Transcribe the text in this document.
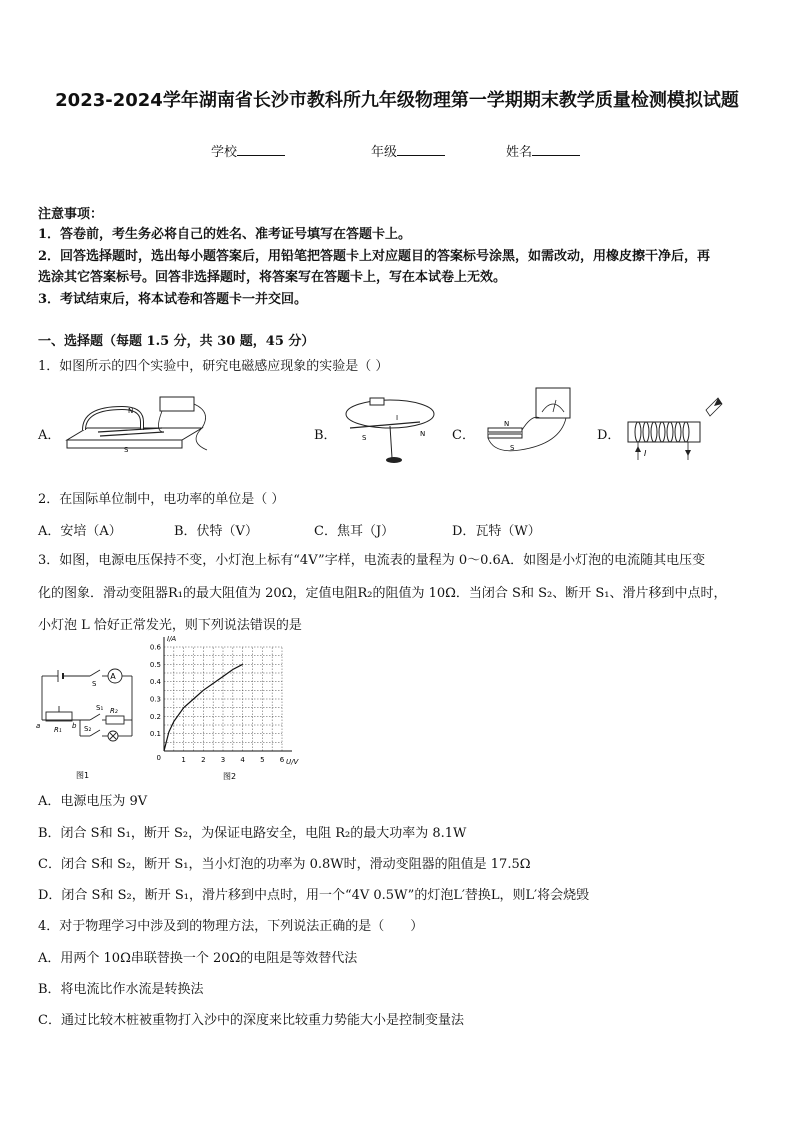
2023-2024学年湖南省长沙市教科所九年级物理第一学期期末教学质量检测模拟试题
学校	年级	姓名
注意事项：
1．答卷前，考生务必将自己的姓名、准考证号填写在答题卡上。
2．回答选择题时，选出每小题答案后，用铅笔把答题卡上对应题目的答案标号涂黑，如需改动，用橡皮擦干净后，再
选涂其它答案标号。回答非选择题时，将答案写在答题卡上，写在本试卷上无效。
3．考试结束后，将本试卷和答题卡一并交回。
一、选择题（每题 1.5 分，共 30 题，45 分）
1．如图所示的四个实验中，研究电磁感应现象的实验是（ ）
A．	B．	C．	D．
N
S
S	N
I
S
N
I
2．在国际单位制中，电功率的单位是（ ）
A．安培（A）	B．伏特（V）	C．焦耳（J）	D．瓦特（W）
3．如图，电源电压保持不变，小灯泡上标有“4V”字样，电流表的量程为 0～0.6A．如图是小灯泡的电流随其电压变
化的图象．滑动变阻器R₁的最大阻值为 20Ω，定值电阻R₂的阻值为 10Ω．当闭合 S和 S₂、断开 S₁、滑片移到中点时，
小灯泡 L 恰好正常发光，则下列说法错误的是
A
S
S₁ R₂
S₂
R₁
a	b
图1
1 2 3 4 5 6
0.1
0.2
0.3
0.4
0.5
0.6
0	U/V
I/A
图2
A．电源电压为 9V
B．闭合 S和 S₁，断开 S₂，为保证电路安全，电阻 R₂的最大功率为 8.1W
C．闭合 S和 S₂，断开 S₁，当小灯泡的功率为 0.8W时，滑动变阻器的阻值是 17.5Ω
D．闭合 S和 S₂，断开 S₁，滑片移到中点时，用一个“4V 0.5W”的灯泡L′替换L，则L′将会烧毁
4．对于物理学习中涉及到的物理方法，下列说法正确的是（　　）
A．用两个 10Ω串联替换一个 20Ω的电阻是等效替代法
B．将电流比作水流是转换法
C．通过比较木桩被重物打入沙中的深度来比较重力势能大小是控制变量法
